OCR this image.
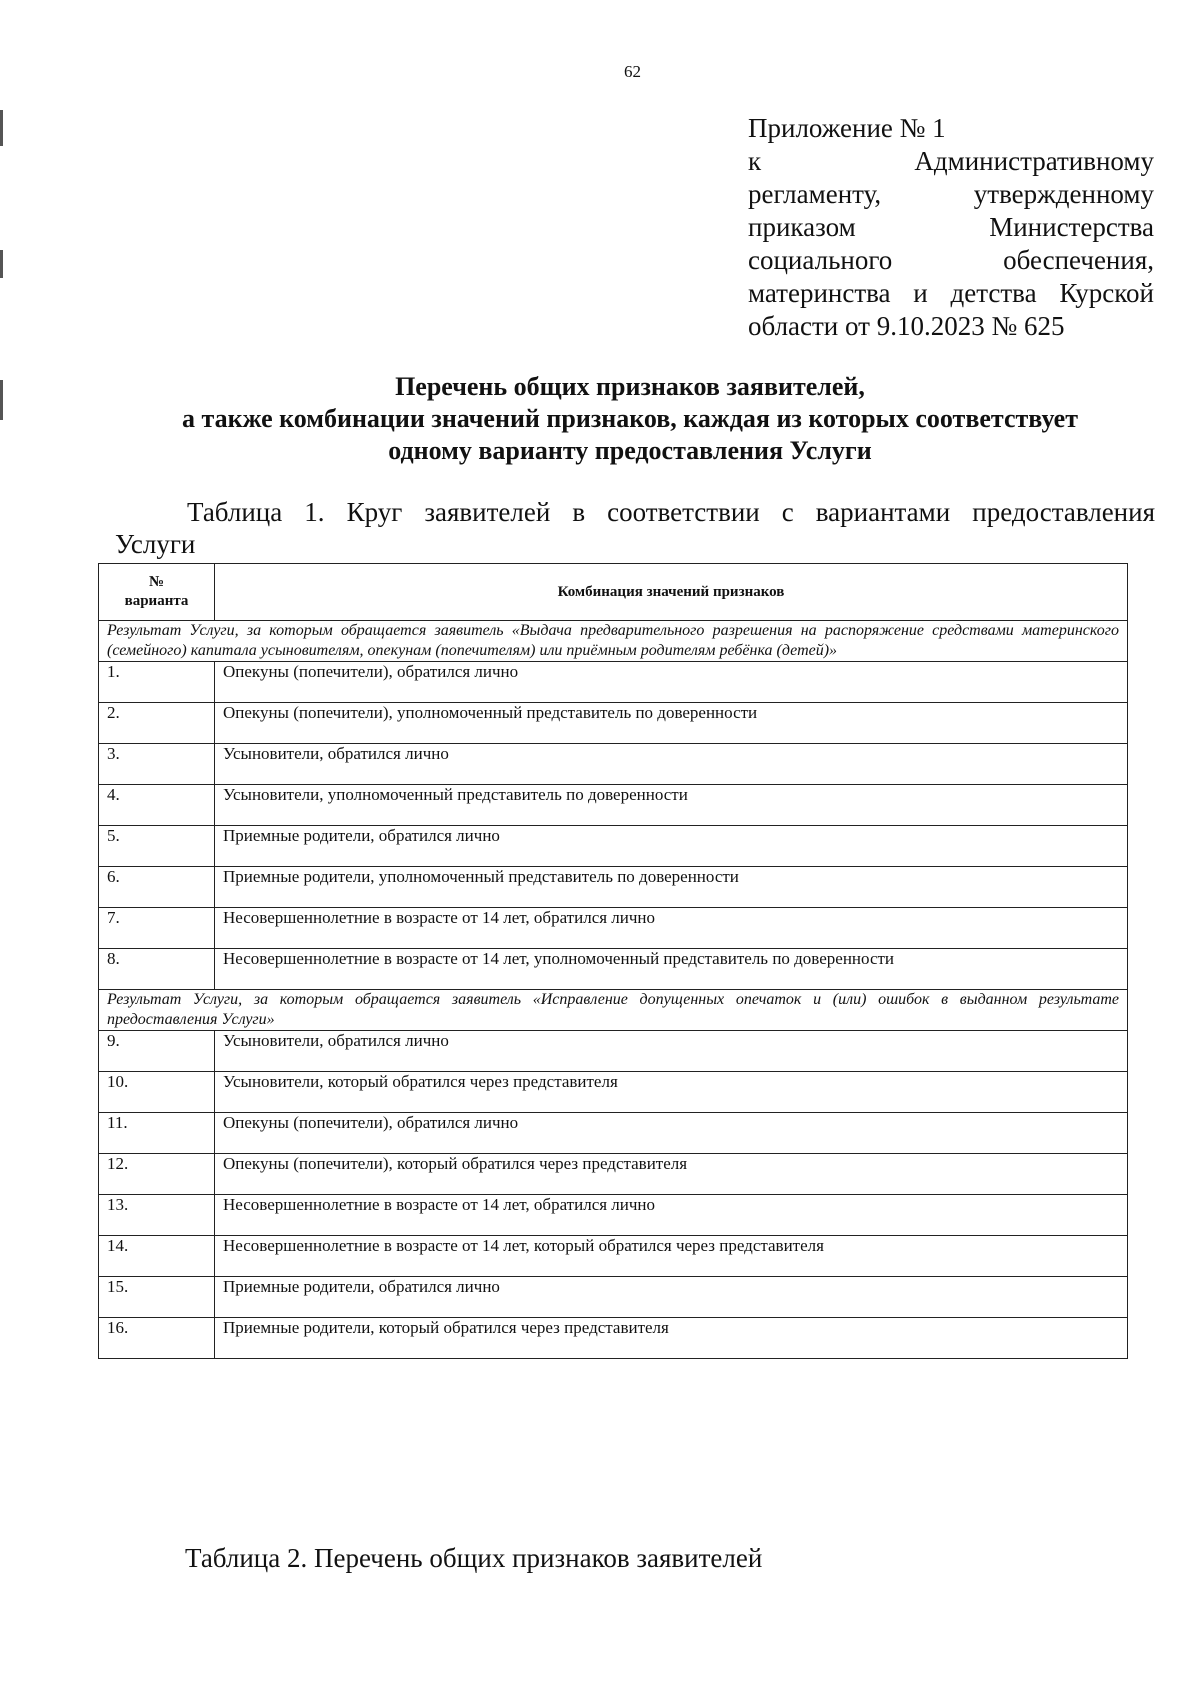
62
Приложение № 1
к Административному
регламенту, утвержденному
приказом Министерства
социального обеспечения,
материнства и детства Курской
области от 9.10.2023 № 625
Перечень общих признаков заявителей,
а также комбинации значений признаков, каждая из которых соответствует
одному варианту предоставления Услуги
Таблица 1. Круг заявителей в соответствии с вариантами предоставления
Услуги
№
варианта	Комбинация значений признаков
Результат Услуги, за которым обращается заявитель «Выдача предварительного разрешения на распоряжение средствами материнского (семейного) капитала усыновителям, опекунам (попечителям) или приёмным родителям ребёнка (детей)»	
1.	Опекуны (попечители), обратился лично
2.	Опекуны (попечители), уполномоченный представитель по доверенности
3.	Усыновители, обратился лично
4.	Усыновители, уполномоченный представитель по доверенности
5.	Приемные родители, обратился лично
6.	Приемные родители, уполномоченный представитель по доверенности
7.	Несовершеннолетние в возрасте от 14 лет, обратился лично
8.	Несовершеннолетние в возрасте от 14 лет, уполномоченный представитель по доверенности
Результат Услуги, за которым обращается заявитель «Исправление допущенных опечаток и (или) ошибок в выданном результате предоставления Услуги»	
9.	Усыновители, обратился лично
10.	Усыновители, который обратился через представителя
11.	Опекуны (попечители), обратился лично
12.	Опекуны (попечители), который обратился через представителя
13.	Несовершеннолетние в возрасте от 14 лет, обратился лично
14.	Несовершеннолетние в возрасте от 14 лет, который обратился через представителя
15.	Приемные родители, обратился лично
16.	Приемные родители, который обратился через представителя
Таблица 2. Перечень общих признаков заявителей
